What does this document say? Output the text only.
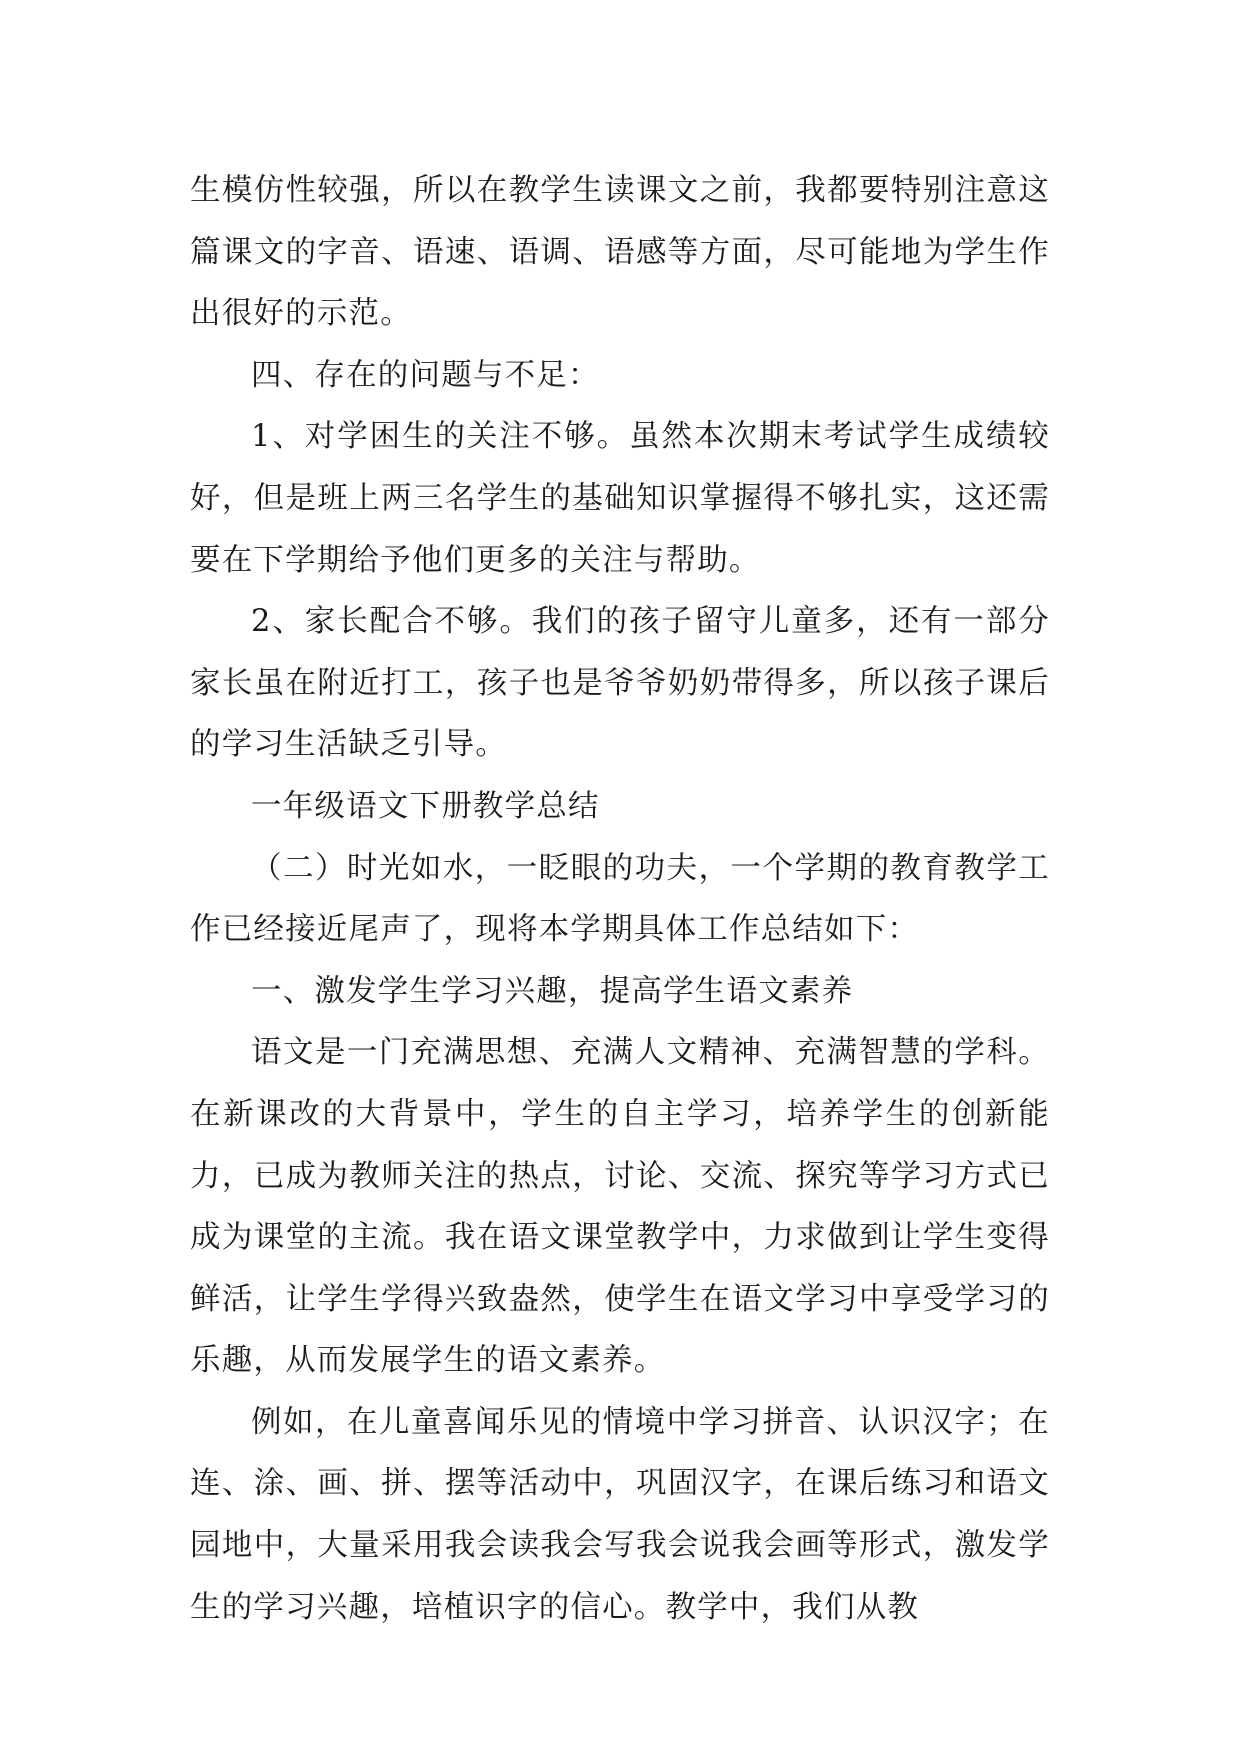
生模仿性较强，所以在教学生读课文之前，我都要特别注意这篇课文的字音、语速、语调、语感等方面，尽可能地为学生作出很好的示范。

四、存在的问题与不足：

1、对学困生的关注不够。虽然本次期末考试学生成绩较好，但是班上两三名学生的基础知识掌握得不够扎实，这还需要在下学期给予他们更多的关注与帮助。

2、家长配合不够。我们的孩子留守儿童多，还有一部分家长虽在附近打工，孩子也是爷爷奶奶带得多，所以孩子课后的学习生活缺乏引导。

一年级语文下册教学总结

（二）时光如水，一眨眼的功夫，一个学期的教育教学工作已经接近尾声了，现将本学期具体工作总结如下：

一、激发学生学习兴趣，提高学生语文素养

语文是一门充满思想、充满人文精神、充满智慧的学科。在新课改的大背景中，学生的自主学习，培养学生的创新能力，已成为教师关注的热点，讨论、交流、探究等学习方式已成为课堂的主流。我在语文课堂教学中，力求做到让学生变得鲜活，让学生学得兴致盎然，使学生在语文学习中享受学习的乐趣，从而发展学生的语文素养。

例如，在儿童喜闻乐见的情境中学习拼音、认识汉字；在连、涂、画、拼、摆等活动中，巩固汉字，在课后练习和语文园地中，大量采用我会读我会写我会说我会画等形式，激发学生的学习兴趣，培植识字的信心。教学中，我们从教
